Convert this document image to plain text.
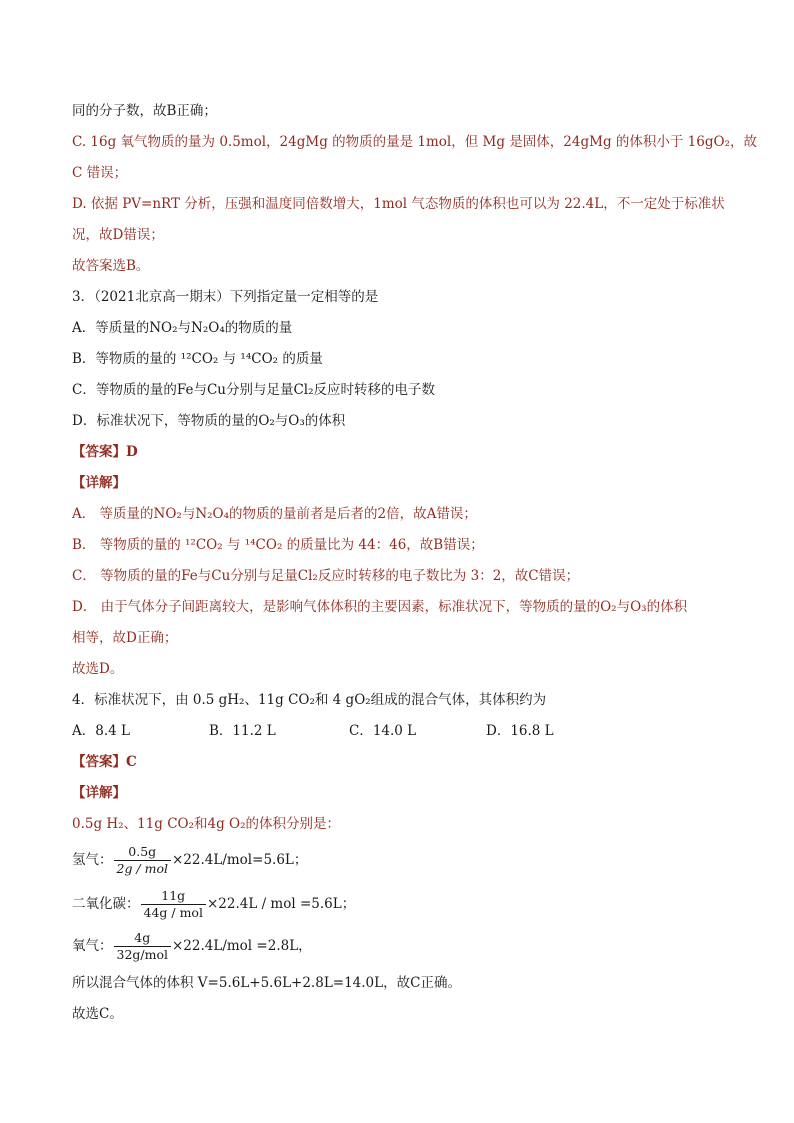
同的分子数，故B正确；
C. 16g 氧气物质的量为 0.5mol，24gMg 的物质的量是 1mol，但 Mg 是固体，24gMg 的体积小于 16gO₂，故
C 错误；
D. 依据 PV=nRT 分析，压强和温度同倍数增大，1mol 气态物质的体积也可以为 22.4L，不一定处于标准状
况，故D错误；
故答案选B。
3．（2021北京高一期末）下列指定量一定相等的是
A．等质量的NO₂与N₂O₄的物质的量
B．等物质的量的 ¹²CO₂ 与 ¹⁴CO₂ 的质量
C．等物质的量的Fe与Cu分别与足量Cl₂反应时转移的电子数
D．标准状况下，等物质的量的O₂与O₃的体积
【答案】D
【详解】
A． 等质量的NO₂与N₂O₄的物质的量前者是后者的2倍，故A错误；
B． 等物质的量的 ¹²CO₂ 与 ¹⁴CO₂ 的质量比为 44：46，故B错误；
C． 等物质的量的Fe与Cu分别与足量Cl₂反应时转移的电子数比为 3：2，故C错误；
D． 由于气体分子间距离较大，是影响气体体积的主要因素，标准状况下，等物质的量的O₂与O₃的体积
相等，故D正确；
故选D。
4．标准状况下，由 0.5 gH₂、11g CO₂和 4 gO₂组成的混合气体，其体积约为
A．8.4 L	B．11.2 L	C．14.0 L	D．16.8 L
【答案】C
【详解】
0.5g H₂、11g CO₂和4g O₂的体积分别是：
氢气： $\frac{0.5g}{\text{2g / mol}} \times 22.4L/mol=5.6L$；
二氧化碳： $\frac{11g}{\text{44g / mol}} \times 22.4L$ / mol =5.6L；
氧气： $\frac{4g}{\text{32g/mol}} \times 22.4L/mol =2.8L$，
所以混合气体的体积 V=5.6L+5.6L+2.8L=14.0L，故C正确。
故选C。
